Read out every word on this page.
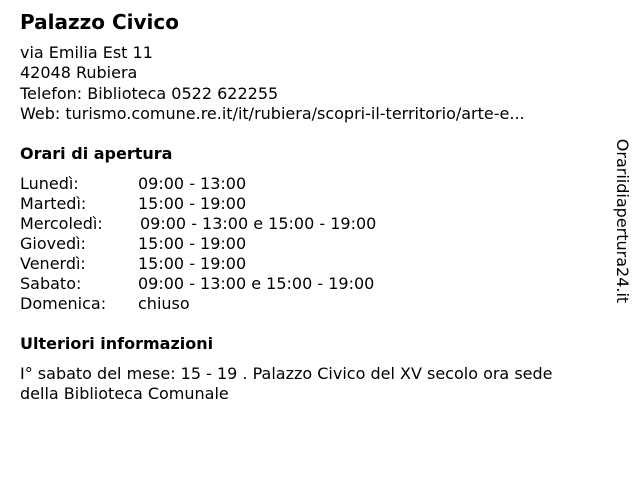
Palazzo Civico
via Emilia Est 11
42048 Rubiera
Telefon: Biblioteca 0522 622255
Web: turismo.comune.re.it/it/rubiera/scopri-il-territorio/arte-e...
Orari di apertura
Lunedì:	09:00 - 13:00
Martedì:	15:00 - 19:00
Mercoledì: 09:00 - 13:00 e 15:00 - 19:00
Giovedì:	15:00 - 19:00
Venerdì:	15:00 - 19:00
Sabato:	09:00 - 13:00 e 15:00 - 19:00
Domenica: chiuso
Ulteriori informazioni
I° sabato del mese: 15 - 19 . Palazzo Civico del XV secolo ora sede
della Biblioteca Comunale
Orariidiapertura24.it
